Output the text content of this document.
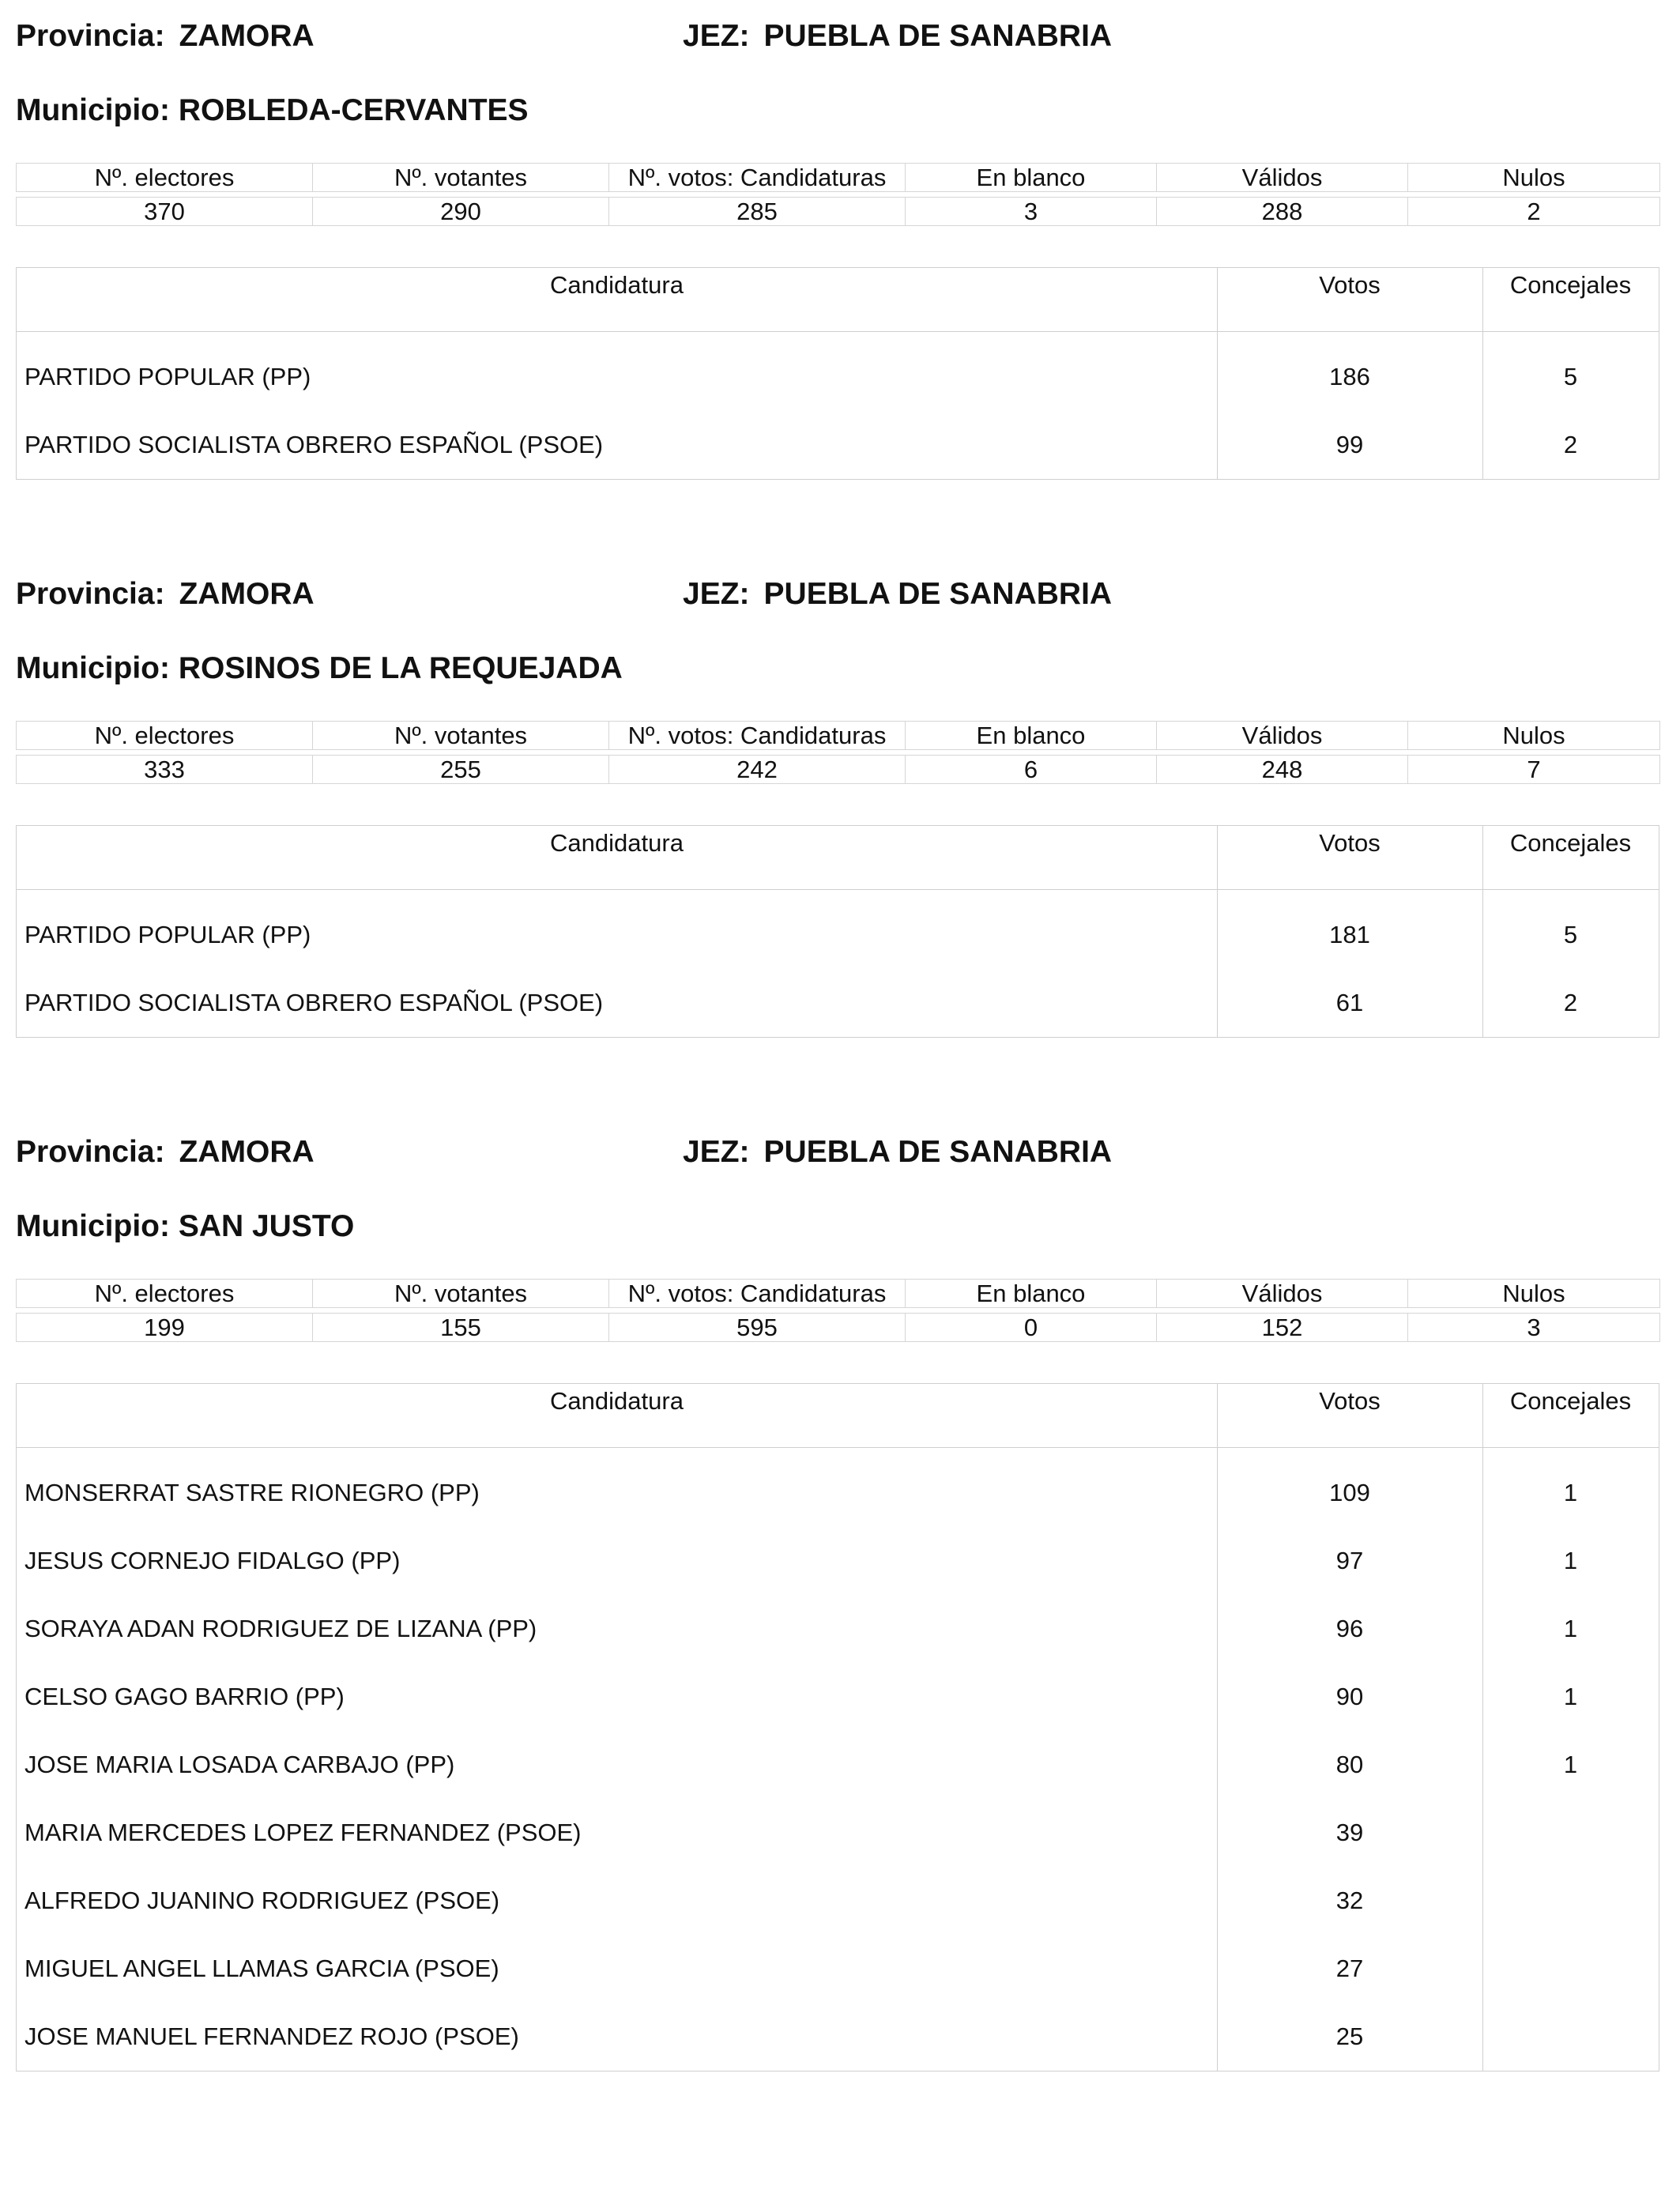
Provincia: ZAMORA	JEZ: PUEBLA DE SANABRIA
Municipio: ROBLEDA-CERVANTES
Nº. electores	Nº. votantes	Nº. votos: Candidaturas	En blanco	Válidos	Nulos

370	290	285	3	288	2
Candidatura	Votos	Concejales
PARTIDO POPULAR (PP)	186	5
PARTIDO SOCIALISTA OBRERO ESPAÑOL (PSOE)	99	2
Provincia: ZAMORA	JEZ: PUEBLA DE SANABRIA
Municipio: ROSINOS DE LA REQUEJADA
Nº. electores	Nº. votantes	Nº. votos: Candidaturas	En blanco	Válidos	Nulos

333	255	242	6	248	7
Candidatura	Votos	Concejales
PARTIDO POPULAR (PP)	181	5
PARTIDO SOCIALISTA OBRERO ESPAÑOL (PSOE)	61	2
Provincia: ZAMORA	JEZ: PUEBLA DE SANABRIA
Municipio: SAN JUSTO
Nº. electores	Nº. votantes	Nº. votos: Candidaturas	En blanco	Válidos	Nulos

199	155	595	0	152	3
Candidatura	Votos	Concejales
MONSERRAT SASTRE RIONEGRO (PP)	109	1
JESUS CORNEJO FIDALGO (PP)	97	1
SORAYA ADAN RODRIGUEZ DE LIZANA (PP)	96	1
CELSO GAGO BARRIO (PP)	90	1
JOSE MARIA LOSADA CARBAJO (PP)	80	1
MARIA MERCEDES LOPEZ FERNANDEZ (PSOE)	39
ALFREDO JUANINO RODRIGUEZ (PSOE)	32
MIGUEL ANGEL LLAMAS GARCIA (PSOE)	27
JOSE MANUEL FERNANDEZ ROJO (PSOE)	25
